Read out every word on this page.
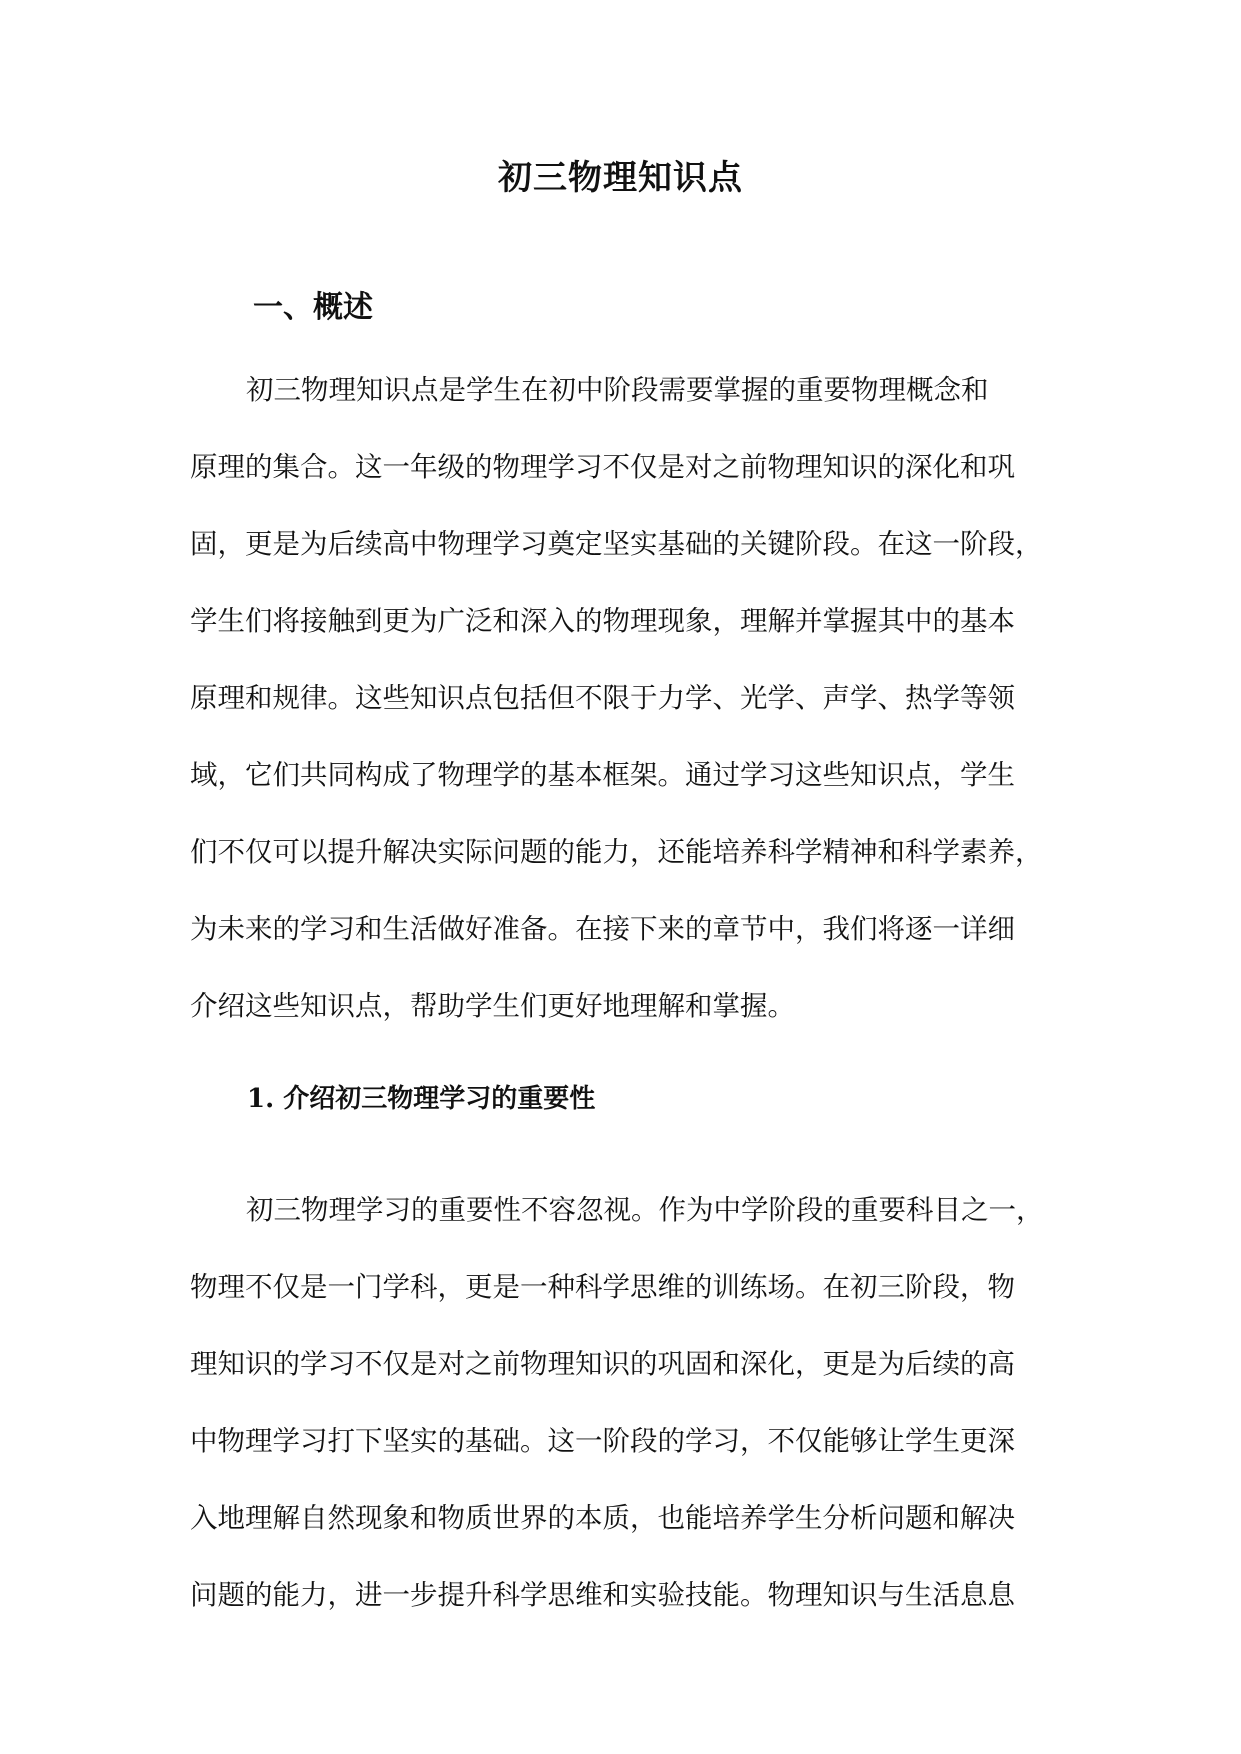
初三物理知识点
一、概述
初三物理知识点是学生在初中阶段需要掌握的重要物理概念和
原理的集合。这一年级的物理学习不仅是对之前物理知识的深化和巩
固，更是为后续高中物理学习奠定坚实基础的关键阶段。在这一阶段，
学生们将接触到更为广泛和深入的物理现象，理解并掌握其中的基本
原理和规律。这些知识点包括但不限于力学、光学、声学、热学等领
域，它们共同构成了物理学的基本框架。通过学习这些知识点，学生
们不仅可以提升解决实际问题的能力，还能培养科学精神和科学素养，
为未来的学习和生活做好准备。在接下来的章节中，我们将逐一详细
介绍这些知识点，帮助学生们更好地理解和掌握。
1. 介绍初三物理学习的重要性
初三物理学习的重要性不容忽视。作为中学阶段的重要科目之一，
物理不仅是一门学科，更是一种科学思维的训练场。在初三阶段，物
理知识的学习不仅是对之前物理知识的巩固和深化，更是为后续的高
中物理学习打下坚实的基础。这一阶段的学习，不仅能够让学生更深
入地理解自然现象和物质世界的本质，也能培养学生分析问题和解决
问题的能力，进一步提升科学思维和实验技能。物理知识与生活息息
